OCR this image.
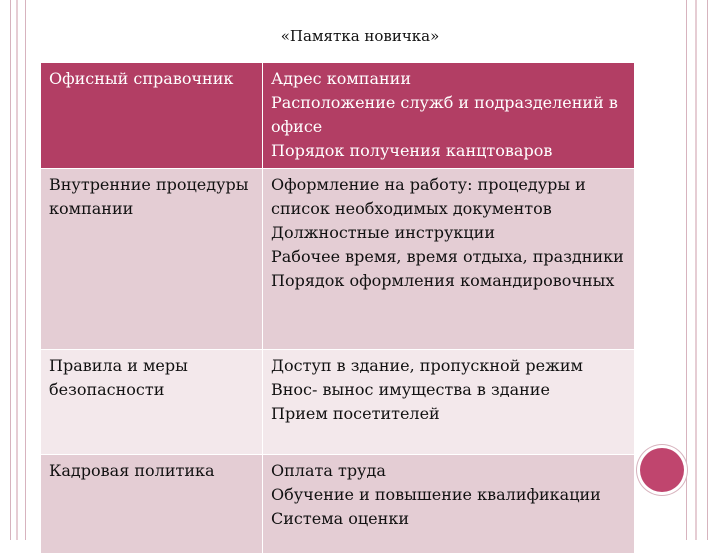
«Памятка новичка»
Офисный справочник	Адрес компании
Расположение служб и подразделений в офисе
Порядок получения канцтоваров

Внутренние процедуры компании	Оформление на работу: процедуры и список необходимых документов
Должностные инструкции
Рабочее время, время отдыха, праздники
Порядок оформления командировочных

Правила и меры безопасности	Доступ в здание, пропускной режим
Внос- вынос имущества в здание
Прием посетителей

Кадровая политика	Оплата труда
Обучение и повышение квалификации
Система оценки
